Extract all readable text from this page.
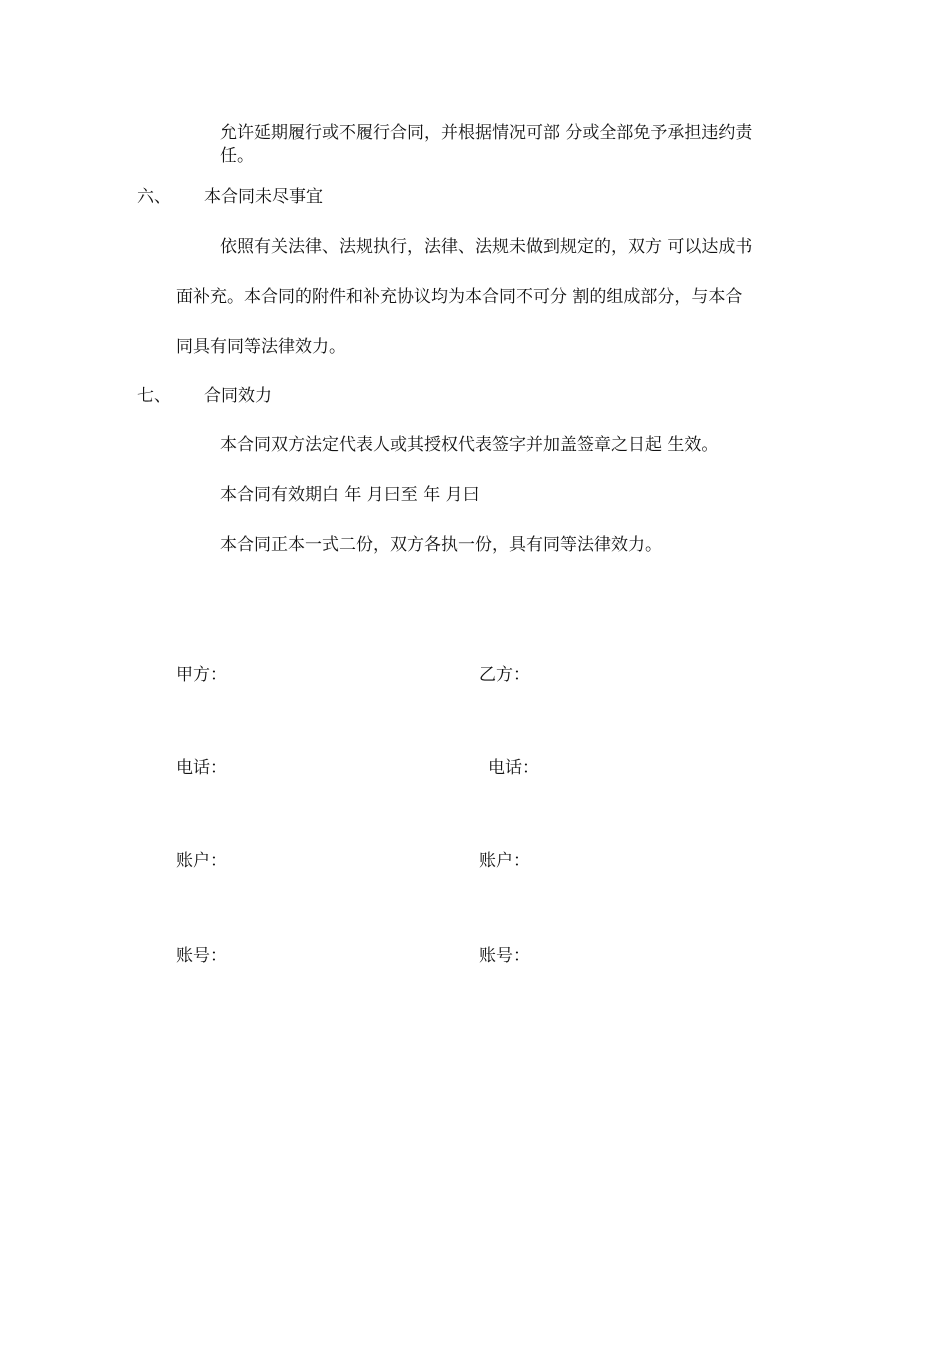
允许延期履行或不履行合同，并根据情况可部 分或全部免予承担违约责
任。
六、 本合同未尽事宜
依照有关法律、法规执行，法律、法规未做到规定的，双方 可以达成书
面补充。本合同的附件和补充协议均为本合同不可分 割的组成部分，与本合
同具有同等法律效力。
七、 合同效力
本合同双方法定代表人或其授权代表签字并加盖签章之日起 生效。
本合同有效期白 年 月曰至 年 月曰
本合同正本一式二份，双方各执一份，具有同等法律效力。
甲方：	乙方：
电话：	电话：
账户：	账户：
账号：	账号：
